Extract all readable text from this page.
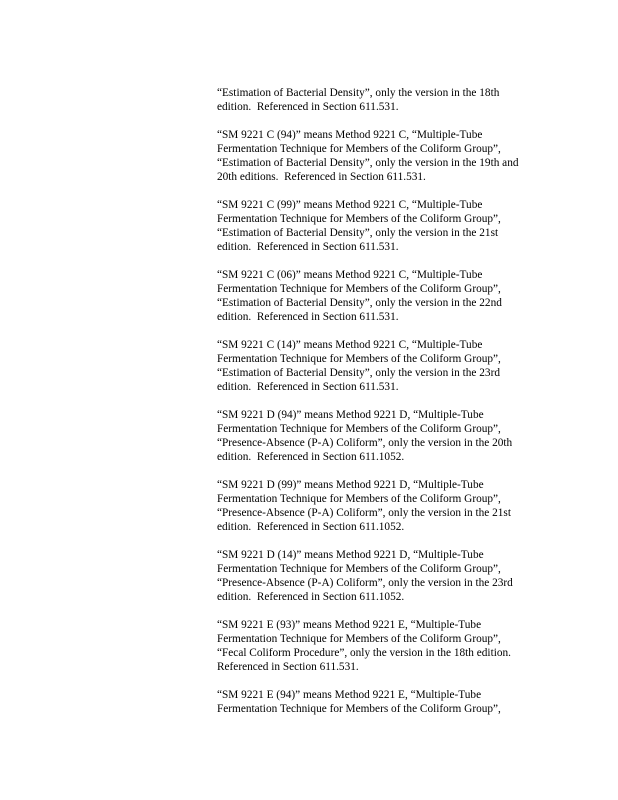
“Estimation of Bacterial Density”, only the version in the 18th
edition.  Referenced in Section 611.531.

“SM 9221 C (94)” means Method 9221 C, “Multiple-Tube
Fermentation Technique for Members of the Coliform Group”,
“Estimation of Bacterial Density”, only the version in the 19th and
20th editions.  Referenced in Section 611.531.

“SM 9221 C (99)” means Method 9221 C, “Multiple-Tube
Fermentation Technique for Members of the Coliform Group”,
“Estimation of Bacterial Density”, only the version in the 21st
edition.  Referenced in Section 611.531.

“SM 9221 C (06)” means Method 9221 C, “Multiple-Tube
Fermentation Technique for Members of the Coliform Group”,
“Estimation of Bacterial Density”, only the version in the 22nd
edition.  Referenced in Section 611.531.

“SM 9221 C (14)” means Method 9221 C, “Multiple-Tube
Fermentation Technique for Members of the Coliform Group”,
“Estimation of Bacterial Density”, only the version in the 23rd
edition.  Referenced in Section 611.531.

“SM 9221 D (94)” means Method 9221 D, “Multiple-Tube
Fermentation Technique for Members of the Coliform Group”,
“Presence-Absence (P-A) Coliform”, only the version in the 20th
edition.  Referenced in Section 611.1052.

“SM 9221 D (99)” means Method 9221 D, “Multiple-Tube
Fermentation Technique for Members of the Coliform Group”,
“Presence-Absence (P-A) Coliform”, only the version in the 21st
edition.  Referenced in Section 611.1052.

“SM 9221 D (14)” means Method 9221 D, “Multiple-Tube
Fermentation Technique for Members of the Coliform Group”,
“Presence-Absence (P-A) Coliform”, only the version in the 23rd
edition.  Referenced in Section 611.1052.

“SM 9221 E (93)” means Method 9221 E, “Multiple-Tube
Fermentation Technique for Members of the Coliform Group”,
“Fecal Coliform Procedure”, only the version in the 18th edition.
Referenced in Section 611.531.

“SM 9221 E (94)” means Method 9221 E, “Multiple-Tube
Fermentation Technique for Members of the Coliform Group”,
